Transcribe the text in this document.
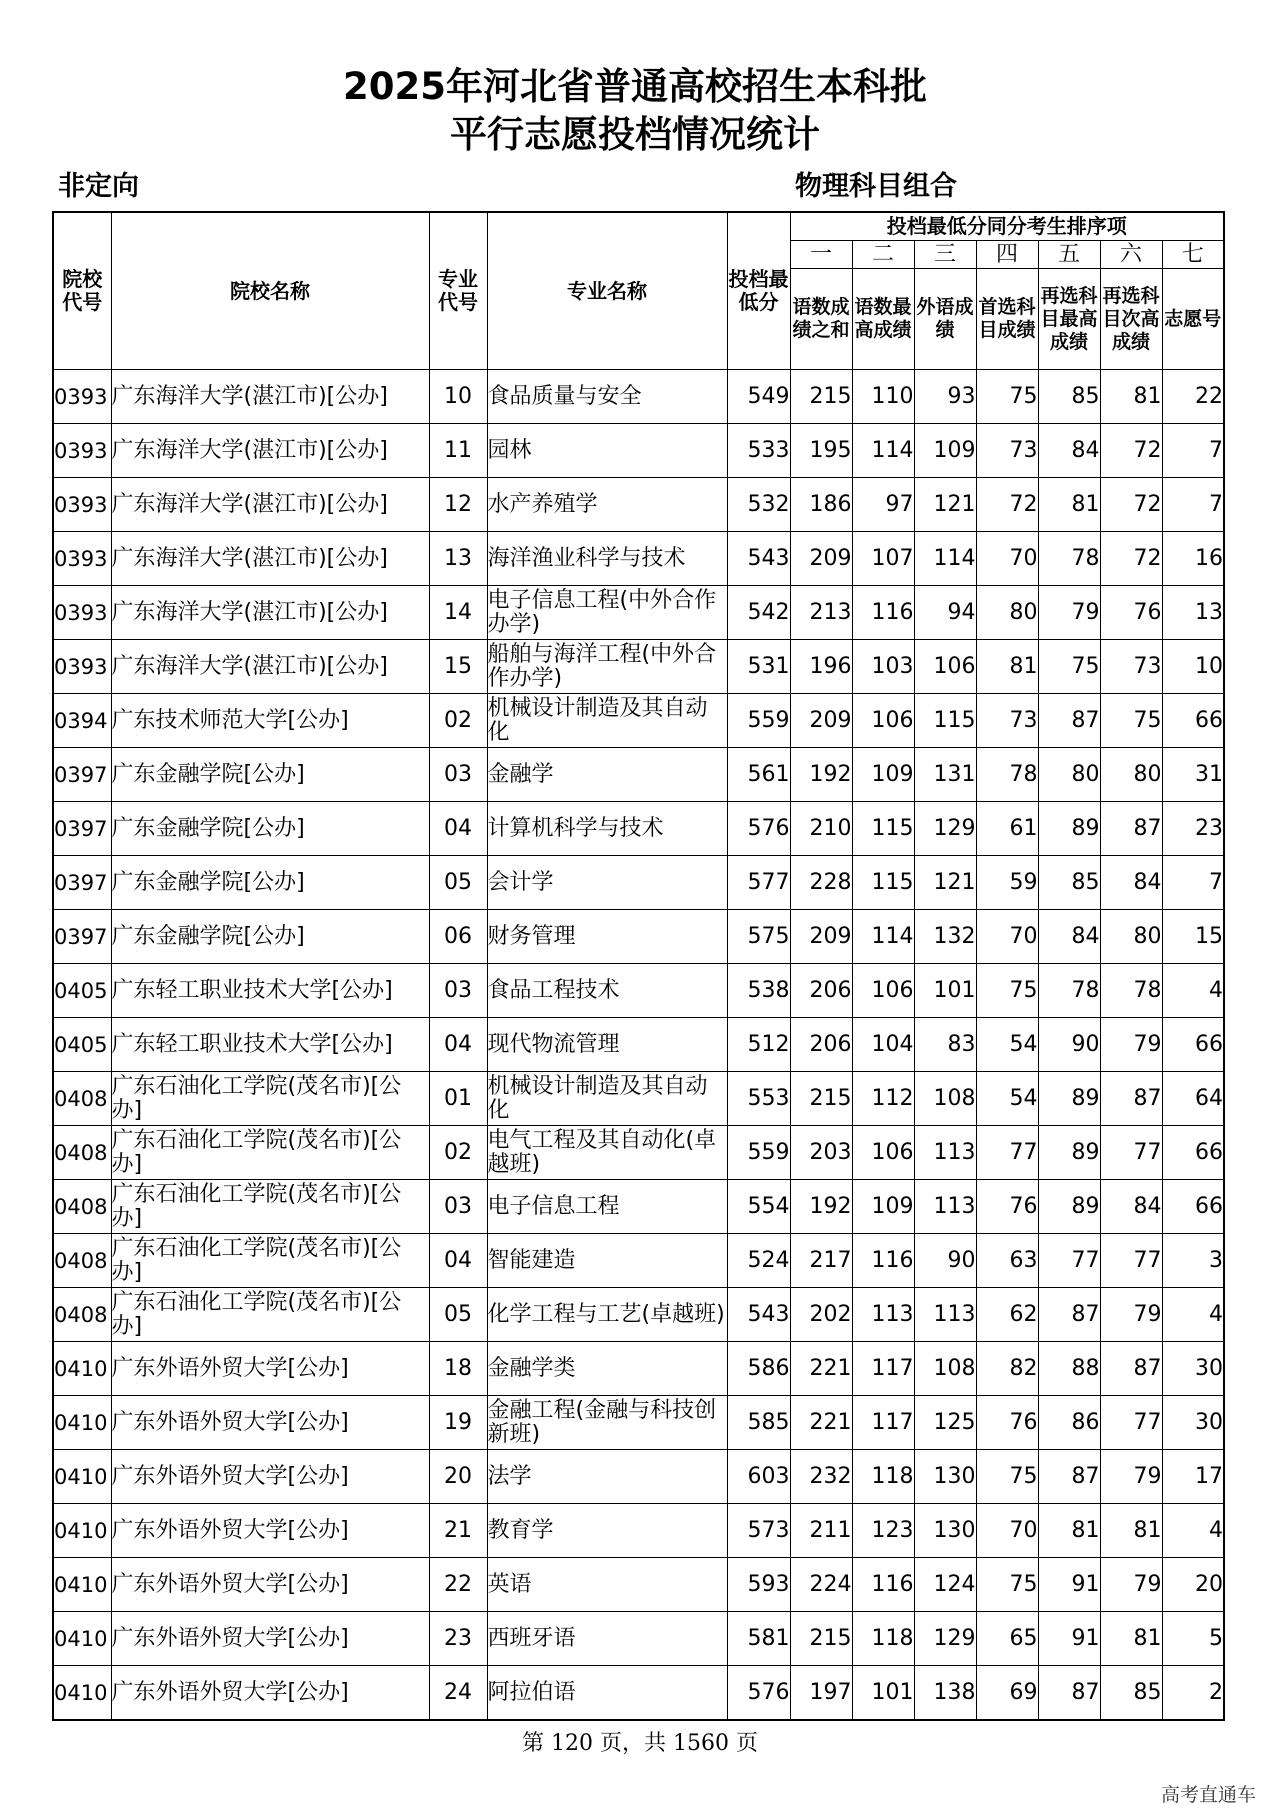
2025年河北省普通高校招生本科批
平行志愿投档情况统计
非定向	物理科目组合
院校代号	院校名称	专业代号	专业名称	投档最低分	投档最低分同分考生排序项						
					一	二	三	四	五	六	七
					语数成绩之和	语数最高成绩	外语成绩	首选科目成绩	再选科目最高成绩	再选科目次高成绩	志愿号
0393	广东海洋大学(湛江市)[公办]	10	食品质量与安全	549	215	110	93	75	85	81	22
0393	广东海洋大学(湛江市)[公办]	11	园林	533	195	114	109	73	84	72	7
0393	广东海洋大学(湛江市)[公办]	12	水产养殖学	532	186	97	121	72	81	72	7
0393	广东海洋大学(湛江市)[公办]	13	海洋渔业科学与技术	543	209	107	114	70	78	72	16
0393	广东海洋大学(湛江市)[公办]	14	电子信息工程(中外合作办学)	542	213	116	94	80	79	76	13
0393	广东海洋大学(湛江市)[公办]	15	船舶与海洋工程(中外合作办学)	531	196	103	106	81	75	73	10
0394	广东技术师范大学[公办]	02	机械设计制造及其自动化	559	209	106	115	73	87	75	66
0397	广东金融学院[公办]	03	金融学	561	192	109	131	78	80	80	31
0397	广东金融学院[公办]	04	计算机科学与技术	576	210	115	129	61	89	87	23
0397	广东金融学院[公办]	05	会计学	577	228	115	121	59	85	84	7
0397	广东金融学院[公办]	06	财务管理	575	209	114	132	70	84	80	15
0405	广东轻工职业技术大学[公办]	03	食品工程技术	538	206	106	101	75	78	78	4
0405	广东轻工职业技术大学[公办]	04	现代物流管理	512	206	104	83	54	90	79	66
0408	广东石油化工学院(茂名市)[公办]	01	机械设计制造及其自动化	553	215	112	108	54	89	87	64
0408	广东石油化工学院(茂名市)[公办]	02	电气工程及其自动化(卓越班)	559	203	106	113	77	89	77	66
0408	广东石油化工学院(茂名市)[公办]	03	电子信息工程	554	192	109	113	76	89	84	66
0408	广东石油化工学院(茂名市)[公办]	04	智能建造	524	217	116	90	63	77	77	3
0408	广东石油化工学院(茂名市)[公办]	05	化学工程与工艺(卓越班)	543	202	113	113	62	87	79	4
0410	广东外语外贸大学[公办]	18	金融学类	586	221	117	108	82	88	87	30
0410	广东外语外贸大学[公办]	19	金融工程(金融与科技创新班)	585	221	117	125	76	86	77	30
0410	广东外语外贸大学[公办]	20	法学	603	232	118	130	75	87	79	17
0410	广东外语外贸大学[公办]	21	教育学	573	211	123	130	70	81	81	4
0410	广东外语外贸大学[公办]	22	英语	593	224	116	124	75	91	79	20
0410	广东外语外贸大学[公办]	23	西班牙语	581	215	118	129	65	91	81	5
0410	广东外语外贸大学[公办]	24	阿拉伯语	576	197	101	138	69	87	85	2
第 120 页，共 1560 页
高考直通车
